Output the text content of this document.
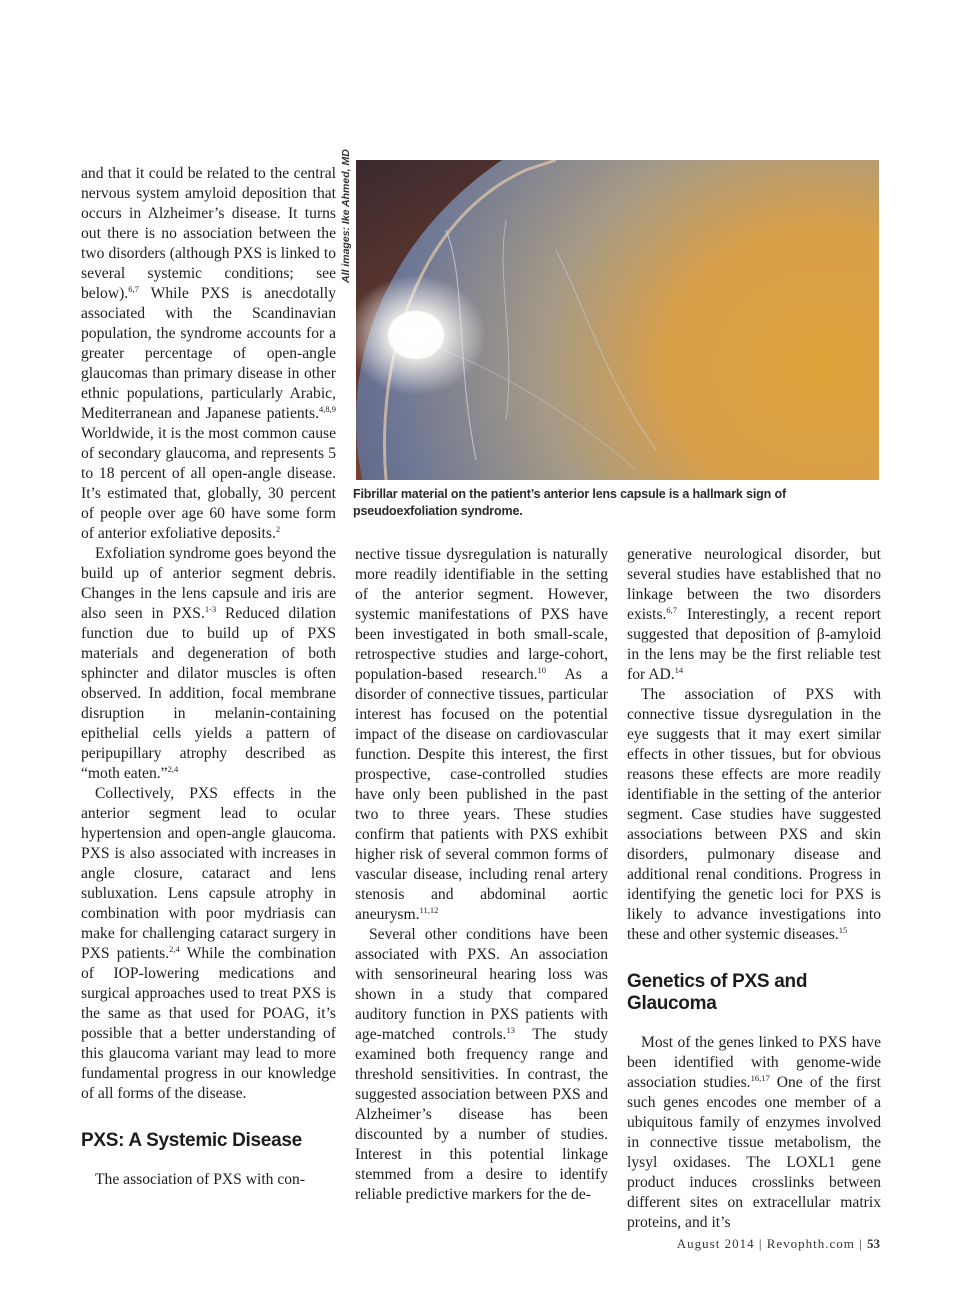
and that it could be related to the central nervous system amyloid deposition that occurs in Alzheimer’s disease. It turns out there is no association between the two disorders (although PXS is linked to several systemic conditions; see below).$^{6,7}$ While PXS is anecdotally associated with the Scandinavian population, the syndrome accounts for a greater percentage of open-angle glaucomas than primary disease in other ethnic populations, particularly Arabic, Mediterranean and Japanese patients.$^{4,8,9}$ Worldwide, it is the most common cause of secondary glaucoma, and represents 5 to 18 percent of all open-angle disease. It’s estimated that, globally, 30 percent of people over age 60 have some form of anterior exfoliative deposits.$^2$

Exfoliation syndrome goes beyond the build up of anterior segment debris. Changes in the lens capsule and iris are also seen in PXS.$^{1-3}$ Reduced dilation function due to build up of PXS materials and degeneration of both sphincter and dilator muscles is often observed. In addition, focal membrane disruption in melanin-containing epithelial cells yields a pattern of peripupillary atrophy described as “moth eaten.”$^{2,4}$

Collectively, PXS effects in the anterior segment lead to ocular hypertension and open-angle glaucoma. PXS is also associated with increases in angle closure, cataract and lens subluxation. Lens capsule atrophy in combination with poor mydriasis can make for challenging cataract surgery in PXS patients.$^{2,4}$ While the combination of IOP-lowering medications and surgical approaches used to treat PXS is the same as that used for POAG, it’s possible that a better understanding of this glaucoma variant may lead to more fundamental progress in our knowledge of all forms of the disease.

PXS: A Systemic Disease

The association of PXS with con-

All images: Ike Ahmed, MD
Fibrillar material on the patient’s anterior lens capsule is a hallmark sign of pseudoexfoliation syndrome.

nective tissue dysregulation is naturally more readily identifiable in the setting of the anterior segment. However, systemic manifestations of PXS have been investigated in both small-scale, retrospective studies and large-cohort, population-based research.$^{10}$ As a disorder of connective tissues, particular interest has focused on the potential impact of the disease on cardiovascular function. Despite this interest, the first prospective, case-controlled studies have only been published in the past two to three years. These studies confirm that patients with PXS exhibit higher risk of several common forms of vascular disease, including renal artery stenosis and abdominal aortic aneurysm.$^{11,12}$

Several other conditions have been associated with PXS. An association with sensorineural hearing loss was shown in a study that compared auditory function in PXS patients with age-matched controls.$^{13}$ The study examined both frequency range and threshold sensitivities. In contrast, the suggested association between PXS and Alzheimer’s disease has been discounted by a number of studies. Interest in this potential linkage stemmed from a desire to identify reliable predictive markers for the de-

generative neurological disorder, but several studies have established that no linkage between the two disorders exists.$^{6,7}$ Interestingly, a recent report suggested that deposition of β-amyloid in the lens may be the first reliable test for AD.$^{14}$

The association of PXS with connective tissue dysregulation in the eye suggests that it may exert similar effects in other tissues, but for obvious reasons these effects are more readily identifiable in the setting of the anterior segment. Case studies have suggested associations between PXS and skin disorders, pulmonary disease and additional renal conditions. Progress in identifying the genetic loci for PXS is likely to advance investigations into these and other systemic diseases.$^{15}$

Genetics of PXS and Glaucoma

Most of the genes linked to PXS have been identified with genome-wide association studies.$^{16,17}$ One of the first such genes encodes one member of a ubiquitous family of enzymes involved in connective tissue metabolism, the lysyl oxidases. The LOXL1 gene product induces crosslinks between different sites on extracellular matrix proteins, and it’s

August 2014 | Revophth.com | 53
